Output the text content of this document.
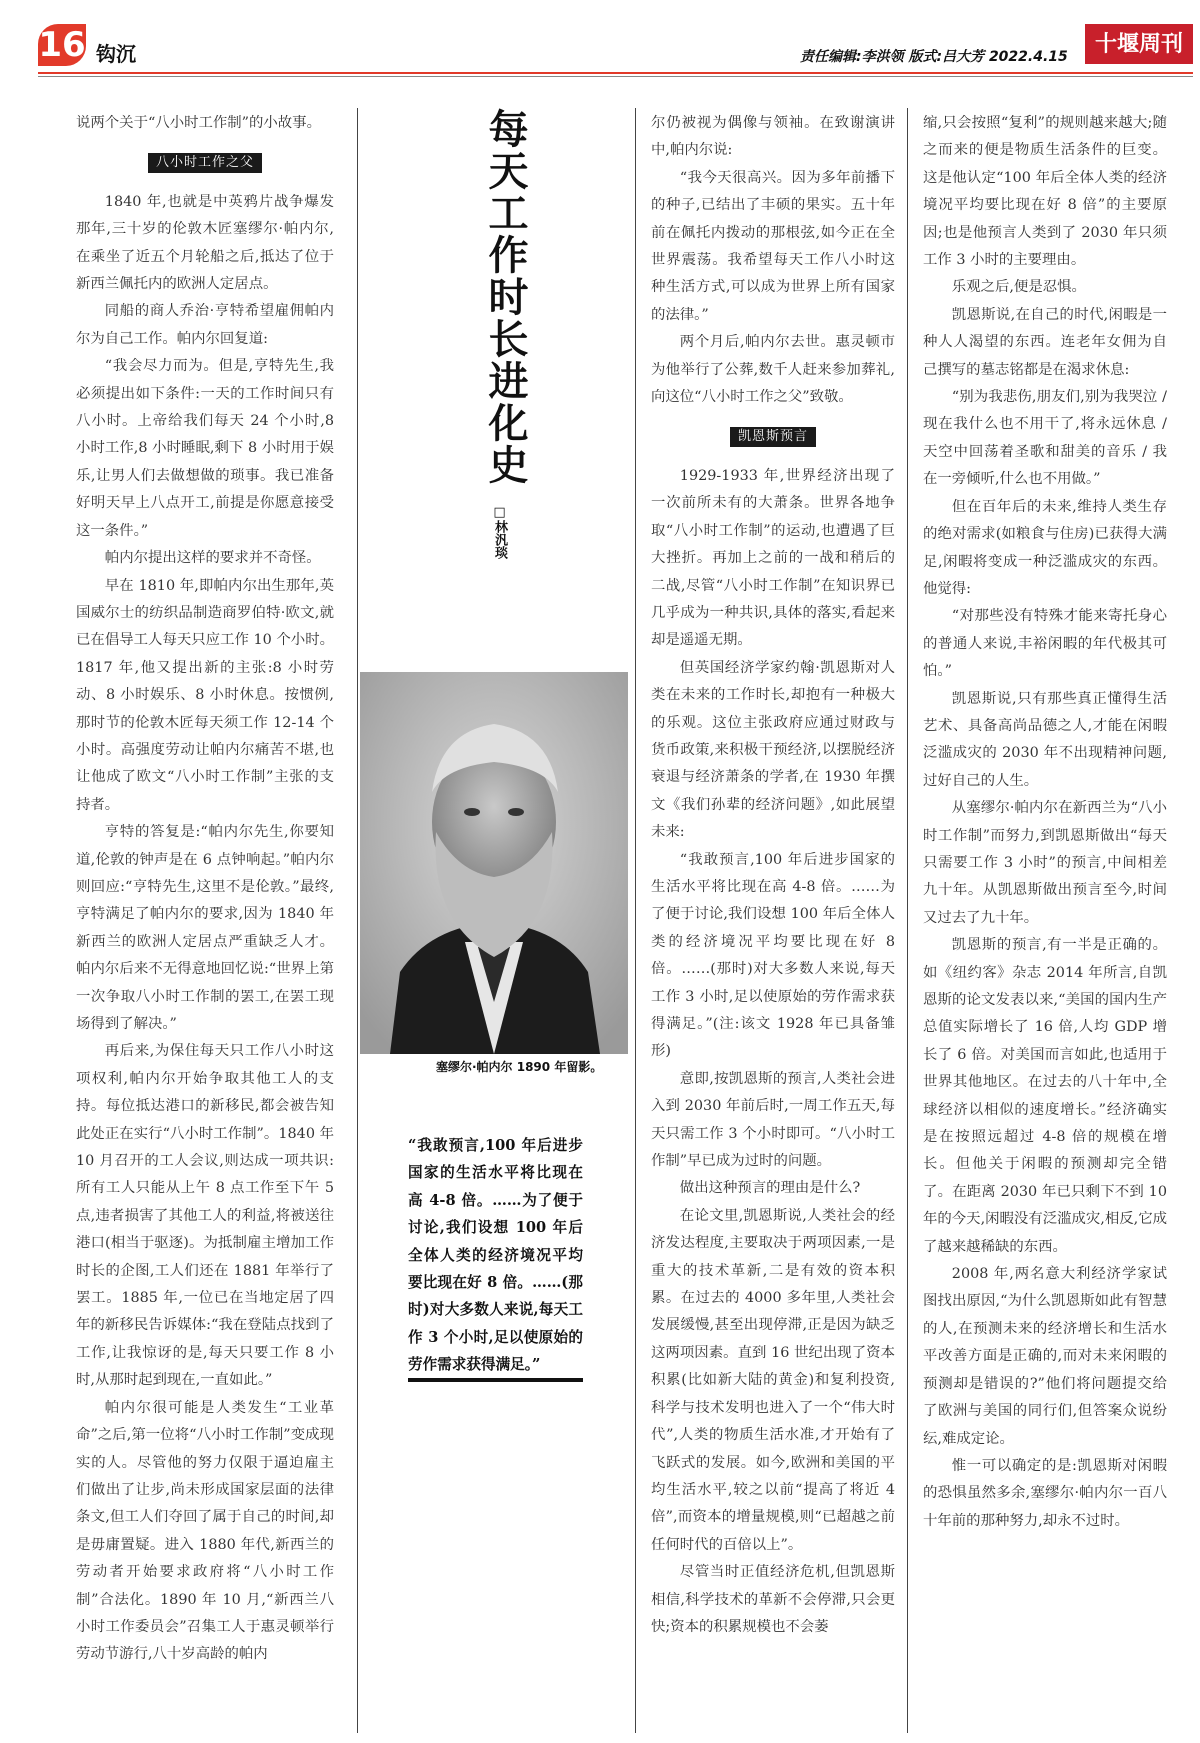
16 钩沉	责任编辑:李洪领 版式:吕大芳 2022.4.15	十堰周刊

说两个关于“八小时工作制”的小故事。

八小时工作之父

1840 年,也就是中英鸦片战争爆发那年,三十岁的伦敦木匠塞缪尔·帕内尔,在乘坐了近五个月轮船之后,抵达了位于新西兰佩托内的欧洲人定居点。

同船的商人乔治·亨特希望雇佣帕内尔为自己工作。帕内尔回复道:

“我会尽力而为。但是,亨特先生,我必须提出如下条件:一天的工作时间只有八小时。上帝给我们每天 24 个小时,8 小时工作,8 小时睡眠,剩下 8 小时用于娱乐,让男人们去做想做的琐事。我已准备好明天早上八点开工,前提是你愿意接受这一条件。”

帕内尔提出这样的要求并不奇怪。

早在 1810 年,即帕内尔出生那年,英国威尔士的纺织品制造商罗伯特·欧文,就已在倡导工人每天只应工作 10 个小时。1817 年,他又提出新的主张:8 小时劳动、8 小时娱乐、8 小时休息。按惯例,那时节的伦敦木匠每天须工作 12-14 个小时。高强度劳动让帕内尔痛苦不堪,也让他成了欧文“八小时工作制”主张的支持者。

亨特的答复是:“帕内尔先生,你要知道,伦敦的钟声是在 6 点钟响起。”帕内尔则回应:“亨特先生,这里不是伦敦。”最终,亨特满足了帕内尔的要求,因为 1840 年新西兰的欧洲人定居点严重缺乏人才。帕内尔后来不无得意地回忆说:“世界上第一次争取八小时工作制的罢工,在罢工现场得到了解决。”

再后来,为保住每天只工作八小时这项权利,帕内尔开始争取其他工人的支持。每位抵达港口的新移民,都会被告知此处正在实行“八小时工作制”。1840 年 10 月召开的工人会议,则达成一项共识:所有工人只能从上午 8 点工作至下午 5 点,违者损害了其他工人的利益,将被送往港口(相当于驱逐)。为抵制雇主增加工作时长的企图,工人们还在 1881 年举行了罢工。1885 年,一位已在当地定居了四年的新移民告诉媒体:“我在登陆点找到了工作,让我惊讶的是,每天只要工作 8 小时,从那时起到现在,一直如此。”

帕内尔很可能是人类发生“工业革命”之后,第一位将“八小时工作制”变成现实的人。尽管他的努力仅限于逼迫雇主们做出了让步,尚未形成国家层面的法律条文,但工人们夺回了属于自己的时间,却是毋庸置疑。进入 1880 年代,新西兰的劳动者开始要求政府将“八小时工作制”合法化。1890 年 10 月,“新西兰八小时工作委员会”召集工人于惠灵顿举行劳动节游行,八十岁高龄的帕内

每天工作时长进化史
□林汎琰
塞缪尔·帕内尔 1890 年留影。
“我敢预言,100 年后进步国家的生活水平将比现在高 4-8 倍。……为了便于讨论,我们设想 100 年后全体人类的经济境况平均要比现在好 8 倍。……(那时)对大多数人来说,每天工作 3 个小时,足以使原始的劳作需求获得满足。”

尔仍被视为偶像与领袖。在致谢演讲中,帕内尔说:

“我今天很高兴。因为多年前播下的种子,已结出了丰硕的果实。五十年前在佩托内拨动的那根弦,如今正在全世界震荡。我希望每天工作八小时这种生活方式,可以成为世界上所有国家的法律。”

两个月后,帕内尔去世。惠灵顿市为他举行了公葬,数千人赶来参加葬礼,向这位“八小时工作之父”致敬。

凯恩斯预言

1929-1933 年,世界经济出现了一次前所未有的大萧条。世界各地争取“八小时工作制”的运动,也遭遇了巨大挫折。再加上之前的一战和稍后的二战,尽管“八小时工作制”在知识界已几乎成为一种共识,具体的落实,看起来却是遥遥无期。

但英国经济学家约翰·凯恩斯对人类在未来的工作时长,却抱有一种极大的乐观。这位主张政府应通过财政与货币政策,来积极干预经济,以摆脱经济衰退与经济萧条的学者,在 1930 年撰文《我们孙辈的经济问题》,如此展望未来:

“我敢预言,100 年后进步国家的生活水平将比现在高 4-8 倍。……为了便于讨论,我们设想 100 年后全体人类的经济境况平均要比现在好 8 倍。……(那时)对大多数人来说,每天工作 3 小时,足以使原始的劳作需求获得满足。”(注:该文 1928 年已具备雏形)

意即,按凯恩斯的预言,人类社会进入到 2030 年前后时,一周工作五天,每天只需工作 3 个小时即可。“八小时工作制”早已成为过时的问题。

做出这种预言的理由是什么?

在论文里,凯恩斯说,人类社会的经济发达程度,主要取决于两项因素,一是重大的技术革新,二是有效的资本积累。在过去的 4000 多年里,人类社会发展缓慢,甚至出现停滞,正是因为缺乏这两项因素。直到 16 世纪出现了资本积累(比如新大陆的黄金)和复利投资,科学与技术发明也进入了一个“伟大时代”,人类的物质生活水准,才开始有了飞跃式的发展。如今,欧洲和美国的平均生活水平,较之以前“提高了将近 4 倍”,而资本的增量规模,则“已超越之前任何时代的百倍以上”。

尽管当时正值经济危机,但凯恩斯相信,科学技术的革新不会停滞,只会更快;资本的积累规模也不会萎

缩,只会按照“复利”的规则越来越大;随之而来的便是物质生活条件的巨变。这是他认定“100 年后全体人类的经济境况平均要比现在好 8 倍”的主要原因;也是他预言人类到了 2030 年只须工作 3 小时的主要理由。

乐观之后,便是忍惧。

凯恩斯说,在自己的时代,闲暇是一种人人渴望的东西。连老年女佣为自己撰写的墓志铭都是在渴求休息:

“别为我悲伤,朋友们,别为我哭泣 / 现在我什么也不用干了,将永远休息 / 天空中回荡着圣歌和甜美的音乐 / 我在一旁倾听,什么也不用做。”

但在百年后的未来,维持人类生存的绝对需求(如粮食与住房)已获得大满足,闲暇将变成一种泛滥成灾的东西。他觉得:

“对那些没有特殊才能来寄托身心的普通人来说,丰裕闲暇的年代极其可怕。”

凯恩斯说,只有那些真正懂得生活艺术、具备高尚品德之人,才能在闲暇泛滥成灾的 2030 年不出现精神问题,过好自己的人生。

从塞缪尔·帕内尔在新西兰为“八小时工作制”而努力,到凯恩斯做出“每天只需要工作 3 小时”的预言,中间相差九十年。从凯恩斯做出预言至今,时间又过去了九十年。

凯恩斯的预言,有一半是正确的。如《纽约客》杂志 2014 年所言,自凯恩斯的论文发表以来,“美国的国内生产总值实际增长了 16 倍,人均 GDP 增长了 6 倍。对美国而言如此,也适用于世界其他地区。在过去的八十年中,全球经济以相似的速度增长。”经济确实是在按照远超过 4-8 倍的规模在增长。但他关于闲暇的预测却完全错了。在距离 2030 年已只剩下不到 10 年的今天,闲暇没有泛滥成灾,相反,它成了越来越稀缺的东西。

2008 年,两名意大利经济学家试图找出原因,“为什么凯恩斯如此有智慧的人,在预测未来的经济增长和生活水平改善方面是正确的,而对未来闲暇的预测却是错误的?”他们将问题提交给了欧洲与美国的同行们,但答案众说纷纭,难成定论。

惟一可以确定的是:凯恩斯对闲暇的恐惧虽然多余,塞缪尔·帕内尔一百八十年前的那种努力,却永不过时。
